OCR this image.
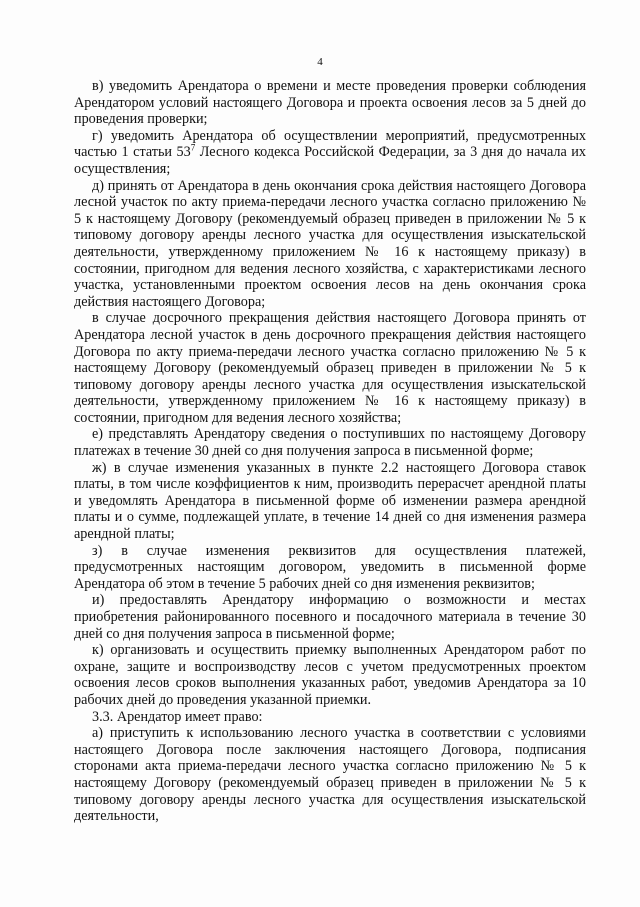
4

в) уведомить Арендатора о времени и месте проведения проверки соблюдения Арендатором условий настоящего Договора и проекта освоения лесов за 5 дней до проведения проверки;

г) уведомить Арендатора об осуществлении мероприятий, предусмотренных частью 1 статьи $53^7$ Лесного кодекса Российской Федерации, за 3 дня до начала их осуществления;

д) принять от Арендатора в день окончания срока действия настоящего Договора лесной участок по акту приема-передачи лесного участка согласно приложению № 5 к настоящему Договору (рекомендуемый образец приведен в приложении № 5 к типовому договору аренды лесного участка для осуществления изыскательской деятельности, утвержденному приложением № 16 к настоящему приказу) в состоянии, пригодном для ведения лесного хозяйства, с характеристиками лесного участка, установленными проектом освоения лесов на день окончания срока действия настоящего Договора;

в случае досрочного прекращения действия настоящего Договора принять от Арендатора лесной участок в день досрочного прекращения действия настоящего Договора по акту приема-передачи лесного участка согласно приложению № 5 к настоящему Договору (рекомендуемый образец приведен в приложении № 5 к типовому договору аренды лесного участка для осуществления изыскательской деятельности, утвержденному приложением № 16 к настоящему приказу) в состоянии, пригодном для ведения лесного хозяйства;

е) представлять Арендатору сведения о поступивших по настоящему Договору платежах в течение 30 дней со дня получения запроса в письменной форме;

ж) в случае изменения указанных в пункте 2.2 настоящего Договора ставок платы, в том числе коэффициентов к ним, производить перерасчет арендной платы и уведомлять Арендатора в письменной форме об изменении размера арендной платы и о сумме, подлежащей уплате, в течение 14 дней со дня изменения размера арендной платы;

з) в случае изменения реквизитов для осуществления платежей, предусмотренных настоящим договором, уведомить в письменной форме Арендатора об этом в течение 5 рабочих дней со дня изменения реквизитов;

и) предоставлять Арендатору информацию о возможности и местах приобретения районированного посевного и посадочного материала в течение 30 дней со дня получения запроса в письменной форме;

к) организовать и осуществить приемку выполненных Арендатором работ по охране, защите и воспроизводству лесов с учетом предусмотренных проектом освоения лесов сроков выполнения указанных работ, уведомив Арендатора за 10 рабочих дней до проведения указанной приемки.

3.3. Арендатор имеет право:

а) приступить к использованию лесного участка в соответствии с условиями настоящего Договора после заключения настоящего Договора, подписания сторонами акта приема-передачи лесного участка согласно приложению № 5 к настоящему Договору (рекомендуемый образец приведен в приложении № 5 к типовому договору аренды лесного участка для осуществления изыскательской деятельности,
